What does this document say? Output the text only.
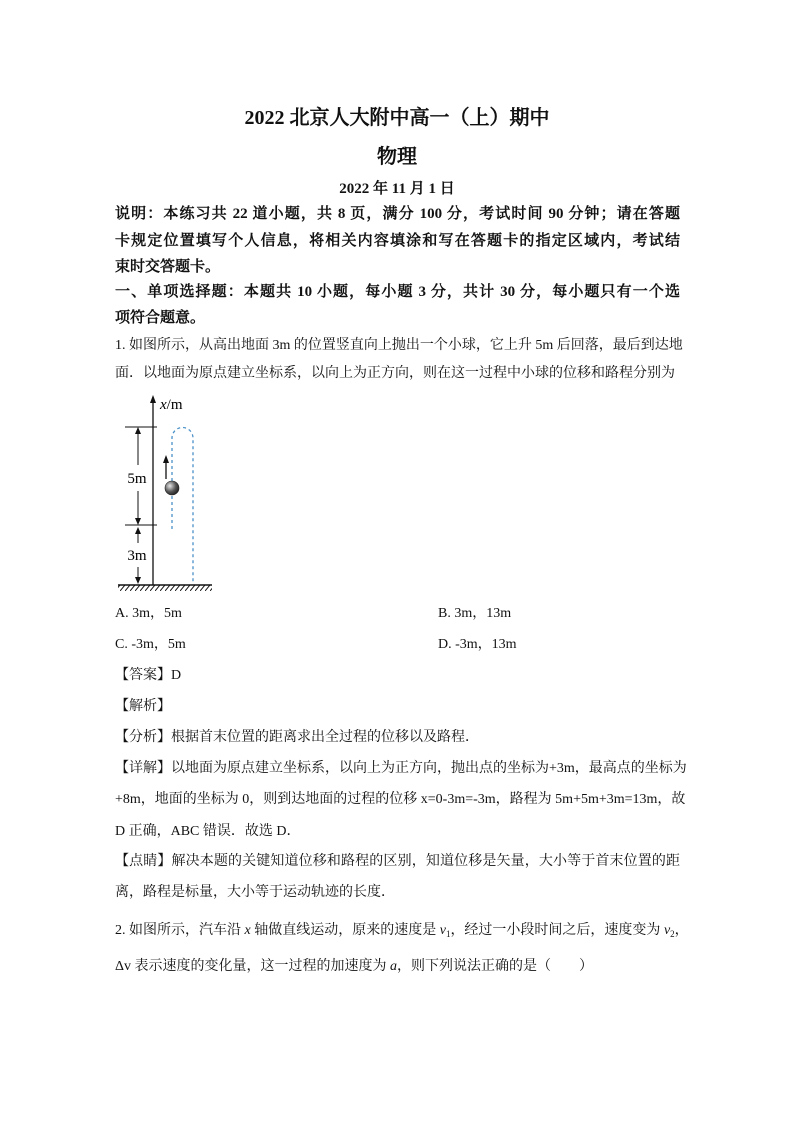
2022 北京人大附中高一（上）期中
物理
2022 年 11 月 1 日
说明：本练习共 22 道小题，共 8 页，满分 100 分，考试时间 90 分钟；请在答题
卡规定位置填写个人信息，将相关内容填涂和写在答题卡的指定区域内，考试结
束时交答题卡。
一、单项选择题：本题共 10 小题，每小题 3 分，共计 30 分，每小题只有一个选
项符合题意。
1. 如图所示，从高出地面 3m 的位置竖直向上抛出一个小球，它上升 5m 后回落，最后到达地
面．以地面为原点建立坐标系，以向上为正方向，则在这一过程中小球的位移和路程分别为
x/m
5m
3m
A. 3m，5m	B. 3m，13m
C. -3m，5m	D. -3m，13m
【答案】D
【解析】
【分析】根据首末位置的距离求出全过程的位移以及路程．
【详解】以地面为原点建立坐标系，以向上为正方向，抛出点的坐标为+3m，最高点的坐标为
+8m，地面的坐标为 0，则到达地面的过程的位移 x=0-3m=-3m，路程为 5m+5m+3m=13m，故
D 正确，ABC 错误．故选 D．
【点睛】解决本题的关键知道位移和路程的区别，知道位移是矢量，大小等于首末位置的距
离，路程是标量，大小等于运动轨迹的长度．
2. 如图所示，汽车沿 x 轴做直线运动，原来的速度是 $v_1$，经过一小段时间之后，速度变为 $v_2$，
Δv 表示速度的变化量，这一过程的加速度为 a，则下列说法正确的是（　　）
